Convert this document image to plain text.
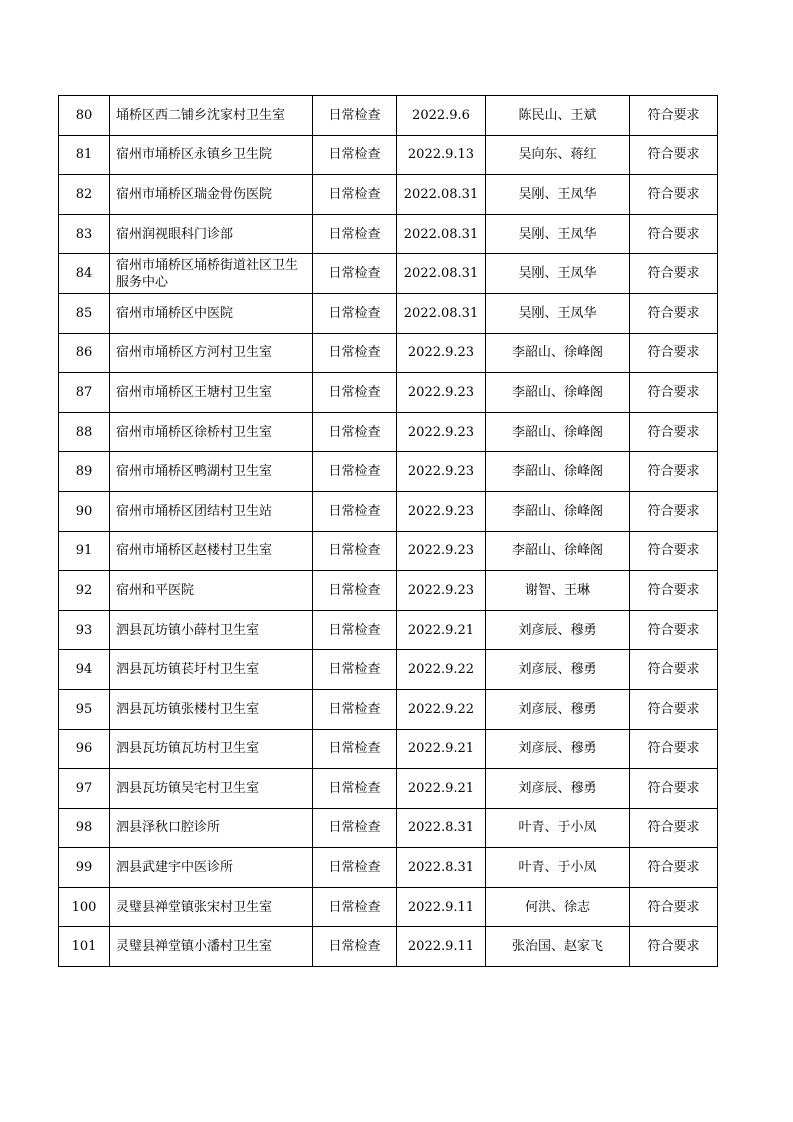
80	埇桥区西二铺乡沈家村卫生室	日常检查	2022.9.6	陈民山、王斌	符合要求
81	宿州市埇桥区永镇乡卫生院	日常检查	2022.9.13	吴向东、蒋红	符合要求
82	宿州市埇桥区瑞金骨伤医院	日常检查	2022.08.31	吴刚、王凤华	符合要求
83	宿州润视眼科门诊部	日常检查	2022.08.31	吴刚、王凤华	符合要求
84	宿州市埇桥区埇桥街道社区卫生服务中心	日常检查	2022.08.31	吴刚、王凤华	符合要求
85	宿州市埇桥区中医院	日常检查	2022.08.31	吴刚、王凤华	符合要求
86	宿州市埇桥区方河村卫生室	日常检查	2022.9.23	李韶山、徐峰阁	符合要求
87	宿州市埇桥区王塘村卫生室	日常检查	2022.9.23	李韶山、徐峰阁	符合要求
88	宿州市埇桥区徐桥村卫生室	日常检查	2022.9.23	李韶山、徐峰阁	符合要求
89	宿州市埇桥区鸭湖村卫生室	日常检查	2022.9.23	李韶山、徐峰阁	符合要求
90	宿州市埇桥区团结村卫生站	日常检查	2022.9.23	李韶山、徐峰阁	符合要求
91	宿州市埇桥区赵楼村卫生室	日常检查	2022.9.23	李韶山、徐峰阁	符合要求
92	宿州和平医院	日常检查	2022.9.23	谢智、王琳	符合要求
93	泗县瓦坊镇小薛村卫生室	日常检查	2022.9.21	刘彦辰、穆勇	符合要求
94	泗县瓦坊镇苌圩村卫生室	日常检查	2022.9.22	刘彦辰、穆勇	符合要求
95	泗县瓦坊镇张楼村卫生室	日常检查	2022.9.22	刘彦辰、穆勇	符合要求
96	泗县瓦坊镇瓦坊村卫生室	日常检查	2022.9.21	刘彦辰、穆勇	符合要求
97	泗县瓦坊镇吴宅村卫生室	日常检查	2022.9.21	刘彦辰、穆勇	符合要求
98	泗县泽秋口腔诊所	日常检查	2022.8.31	叶青、于小凤	符合要求
99	泗县武建宇中医诊所	日常检查	2022.8.31	叶青、于小凤	符合要求
100	灵璧县禅堂镇张宋村卫生室	日常检查	2022.9.11	何洪、徐志	符合要求
101	灵璧县禅堂镇小潘村卫生室	日常检查	2022.9.11	张治国、赵家飞	符合要求
